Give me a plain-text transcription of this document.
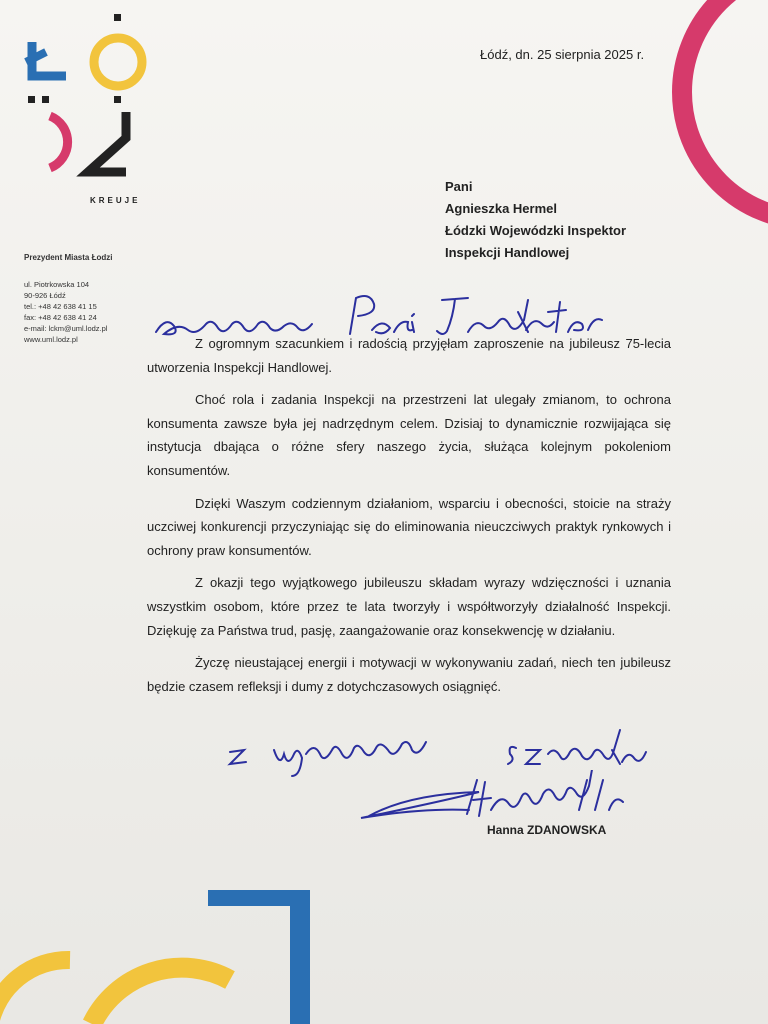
KREUJE
Prezydent Miasta Łodzi
ul. Piotrkowska 104
90-926 Łódź
tel.: +48 42 638 41 15
fax: +48 42 638 41 24
e-mail: lckm@uml.lodz.pl
www.uml.lodz.pl
Łódź, dn. 25 sierpnia 2025 r.
Pani
Agnieszka Hermel
Łódzki Wojewódzki Inspektor
Inspekcji Handlowej

Z ogromnym szacunkiem i radością przyjęłam zaproszenie na jubileusz 75-lecia utworzenia Inspekcji Handlowej.

Choć rola i zadania Inspekcji na przestrzeni lat ulegały zmianom, to ochrona konsumenta zawsze była jej nadrzędnym celem. Dzisiaj to dynamicznie rozwijająca się instytucja dbająca o różne sfery naszego życia, służąca kolejnym pokoleniom konsumentów.

Dzięki Waszym codziennym działaniom, wsparciu i obecności, stoicie na straży uczciwej konkurencji przyczyniając się do eliminowania nieuczciwych praktyk rynkowych i ochrony praw konsumentów.

Z okazji tego wyjątkowego jubileuszu składam wyrazy wdzięczności i uznania wszystkim osobom, które przez te lata tworzyły i współtworzyły działalność Inspekcji. Dziękuję za Państwa trud, pasję, zaangażowanie oraz konsekwencję w działaniu.

Życzę nieustającej energii i motywacji w wykonywaniu zadań, niech ten jubileusz będzie czasem refleksji i dumy z dotychczasowych osiągnięć.

Hanna ZDANOWSKA
